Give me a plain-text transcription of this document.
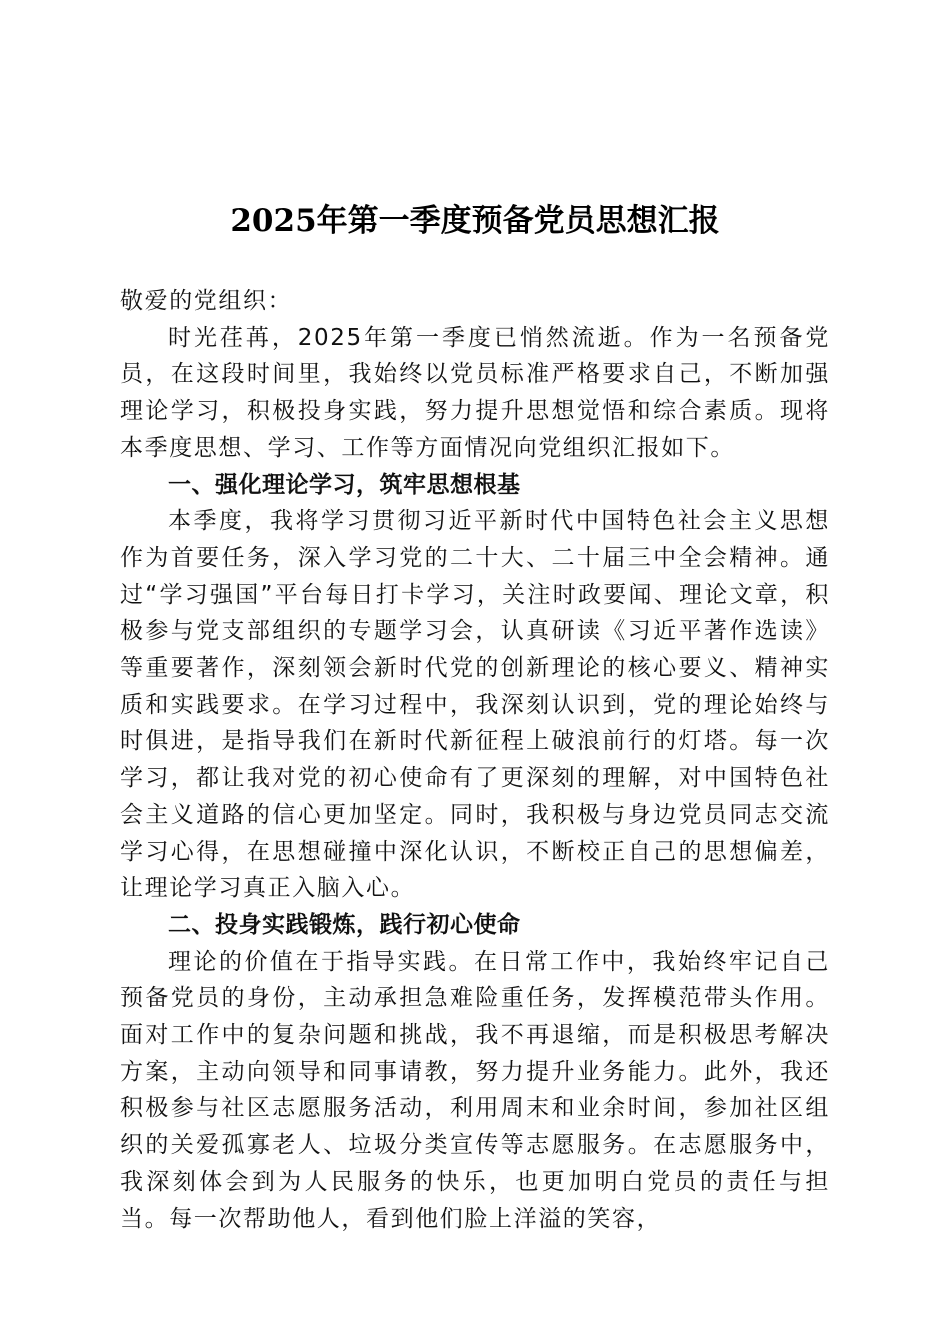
2025年第一季度预备党员思想汇报

敬爱的党组织：

时光荏苒，2025年第一季度已悄然流逝。作为一名预备党员，在这段时间里，我始终以党员标准严格要求自己，不断加强理论学习，积极投身实践，努力提升思想觉悟和综合素质。现将本季度思想、学习、工作等方面情况向党组织汇报如下。

一、强化理论学习，筑牢思想根基

本季度，我将学习贯彻习近平新时代中国特色社会主义思想作为首要任务，深入学习党的二十大、二十届三中全会精神。通过“学习强国”平台每日打卡学习，关注时政要闻、理论文章，积极参与党支部组织的专题学习会，认真研读《习近平著作选读》等重要著作，深刻领会新时代党的创新理论的核心要义、精神实质和实践要求。在学习过程中，我深刻认识到，党的理论始终与时俱进，是指导我们在新时代新征程上破浪前行的灯塔。每一次学习，都让我对党的初心使命有了更深刻的理解，对中国特色社会主义道路的信心更加坚定。同时，我积极与身边党员同志交流学习心得，在思想碰撞中深化认识，不断校正自己的思想偏差，让理论学习真正入脑入心。

二、投身实践锻炼，践行初心使命

理论的价值在于指导实践。在日常工作中，我始终牢记自己预备党员的身份，主动承担急难险重任务，发挥模范带头作用。面对工作中的复杂问题和挑战，我不再退缩，而是积极思考解决方案，主动向领导和同事请教，努力提升业务能力。此外，我还积极参与社区志愿服务活动，利用周末和业余时间，参加社区组织的关爱孤寡老人、垃圾分类宣传等志愿服务。在志愿服务中，我深刻体会到为人民服务的快乐，也更加明白党员的责任与担当。每一次帮助他人，看到他们脸上洋溢的笑容，
